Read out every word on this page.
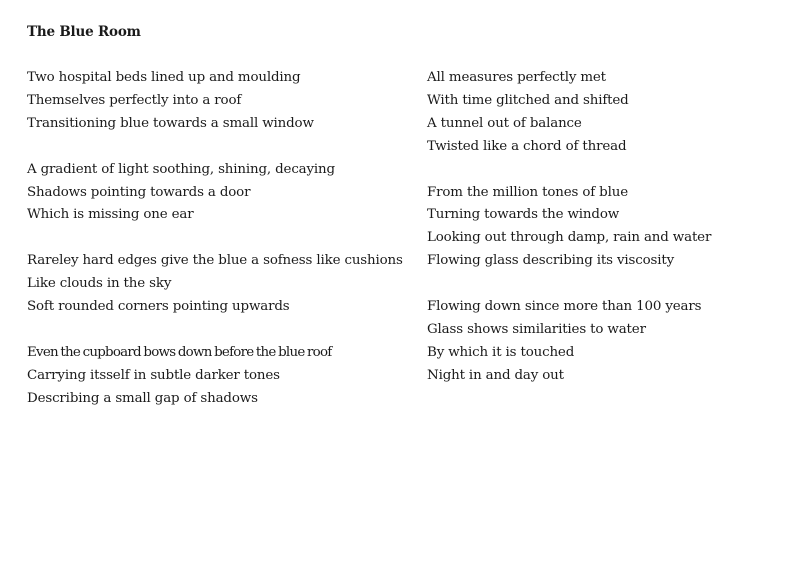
The Blue Room
Two hospital beds lined up and moulding
Themselves perfectly into a roof
Transitioning blue towards a small window
A gradient of light soothing, shining, decaying
Shadows pointing towards a door
Which is missing one ear
Rareley hard edges give the blue a sofness like cushions
Like clouds in the sky
Soft rounded corners pointing upwards
Even the cupboard bows down before the blue roof
Carrying itsself in subtle darker tones
Describing a small gap of shadows
All measures perfectly met
With time glitched and shifted
A tunnel out of balance
Twisted like a chord of thread
From the million tones of blue
Turning towards the window
Looking out through damp, rain and water
Flowing glass describing its viscosity
Flowing down since more than 100 years
Glass shows similarities to water
By which it is touched
Night in and day out
